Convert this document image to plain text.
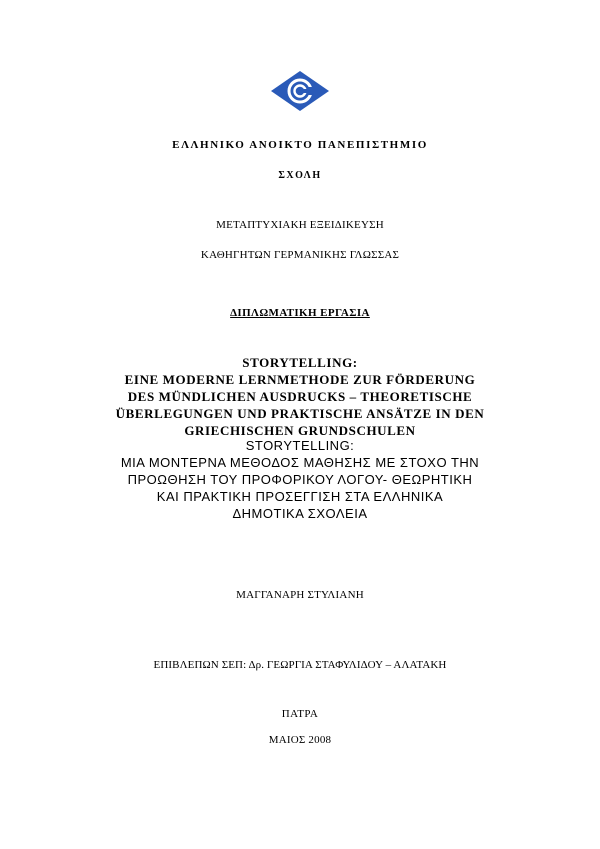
ΕΛΛΗΝΙΚΟ ΑΝΟΙΚΤΟ ΠΑΝΕΠΙΣΤΗΜΙΟ
ΣΧΟΛΗ
ΜΕΤΑΠΤΥΧΙΑΚΗ ΕΞΕΙΔΙΚΕΥΣΗ
ΚΑΘΗΓΗΤΩΝ ΓΕΡΜΑΝΙΚΗΣ ΓΛΩΣΣΑΣ
ΔΙΠΛΩΜΑΤΙΚΗ ΕΡΓΑΣΙΑ
STORYTELLING:
EINE MODERNE LERNMETHODE ZUR FÖRDERUNG
DES MÜNDLICHEN AUSDRUCKS – THEORETISCHE
ÜBERLEGUNGEN UND PRAKTISCHE ANSÄTZE IN DEN
GRIECHISCHEN GRUNDSCHULEN
STORYTELLING:
ΜΙΑ ΜΟΝΤΕΡΝΑ ΜΕΘΟΔΟΣ ΜΑΘΗΣΗΣ ΜΕ ΣΤΟΧΟ ΤΗΝ
ΠΡΟΩΘΗΣΗ ΤΟΥ ΠΡΟΦΟΡΙΚΟΥ ΛΟΓΟΥ- ΘΕΩΡΗΤΙΚΗ
ΚΑΙ ΠΡΑΚΤΙΚΗ ΠΡΟΣΕΓΓΙΣΗ ΣΤΑ ΕΛΛΗΝΙΚΑ
ΔΗΜΟΤΙΚΑ ΣΧΟΛΕΙΑ
ΜΑΓΓΑΝΑΡΗ ΣΤΥΛΙΑΝΗ
ΕΠΙΒΛΕΠΩΝ ΣΕΠ: Δρ. ΓΕΩΡΓΙΑ ΣΤΑΦΥΛΙΔΟΥ – ΑΛΑΤΑΚΗ
ΠΑΤΡΑ
ΜΑΙΟΣ 2008
